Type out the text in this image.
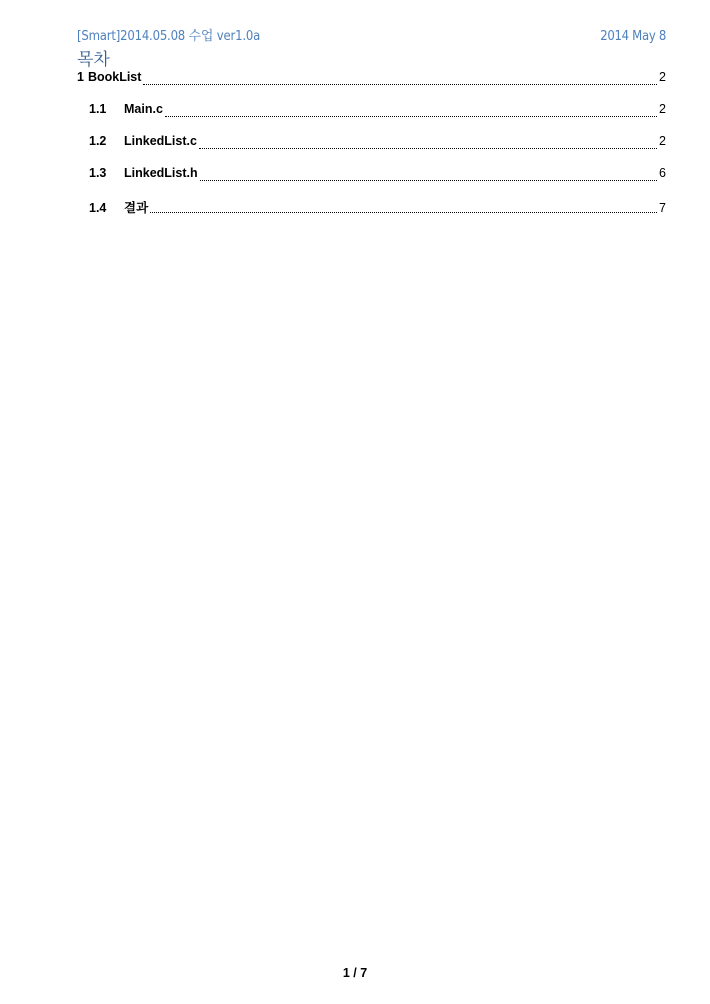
[Smart]2014.05.08 수업 ver1.0a	2014 May 8
목차
1 BookList	2
1.1	Main.c	2
1.2	LinkedList.c	2
1.3	LinkedList.h	6
1.4	결과	7
1 / 7
